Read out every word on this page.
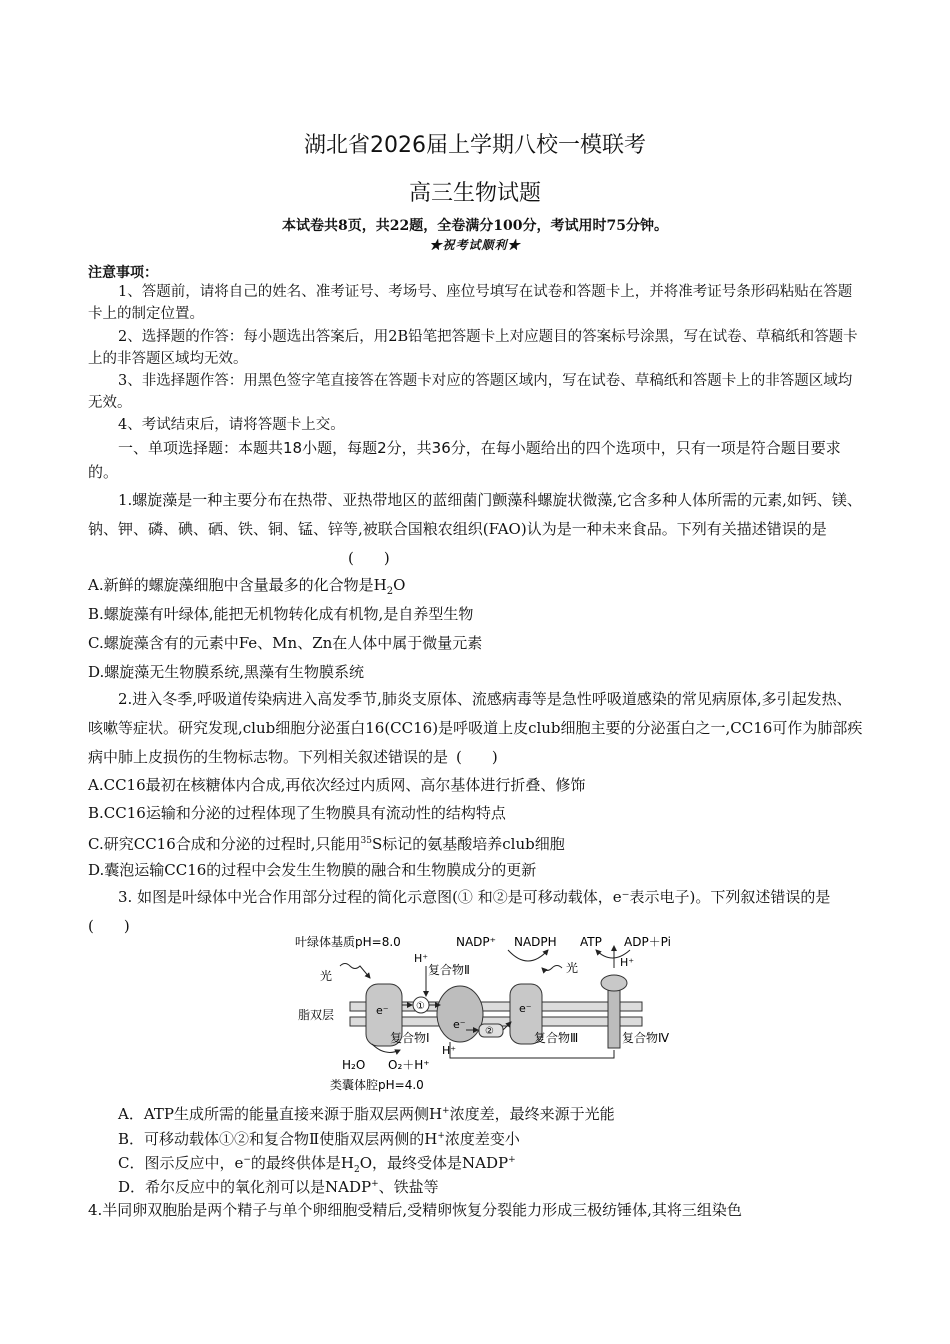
湖北省2026届上学期八校一模联考
高三生物试题
本试卷共8页，共22题，全卷满分100分，考试用时75分钟。
★祝考试顺利★
注意事项：
1、答题前，请将自己的姓名、准考证号、考场号、座位号填写在试卷和答题卡上，并将准考证号条形码粘贴在答题卡上的制定位置。
2、选择题的作答：每小题选出答案后，用2B铅笔把答题卡上对应题目的答案标号涂黑，写在试卷、草稿纸和答题卡上的非答题区域均无效。
3、非选择题作答：用黑色签字笔直接答在答题卡对应的答题区域内，写在试卷、草稿纸和答题卡上的非答题区域均无效。
4、考试结束后，请将答题卡上交。
一、单项选择题：本题共18小题，每题2分，共36分，在每小题给出的四个选项中，只有一项是符合题目要求的。
1.螺旋藻是一种主要分布在热带、亚热带地区的蓝细菌门颤藻科螺旋状微藻,它含多种人体所需的元素,如钙、镁、钠、钾、磷、碘、硒、铁、铜、锰、锌等,被联合国粮农组织(FAO)认为是一种未来食品。下列有关描述错误的是(　　)
A.新鲜的螺旋藻细胞中含量最多的化合物是$H_2O$
B.螺旋藻有叶绿体,能把无机物转化成有机物,是自养型生物
C.螺旋藻含有的元素中Fe、Mn、Zn在人体中属于微量元素
D.螺旋藻无生物膜系统,黑藻有生物膜系统
2.进入冬季,呼吸道传染病进入高发季节,肺炎支原体、流感病毒等是急性呼吸道感染的常见病原体,多引起发热、咳嗽等症状。研究发现,club细胞分泌蛋白16(CC16)是呼吸道上皮club细胞主要的分泌蛋白之一,CC16可作为肺部疾病中肺上皮损伤的生物标志物。下列相关叙述错误的是 (　　)
A.CC16最初在核糖体内合成,再依次经过内质网、高尔基体进行折叠、修饰
B.CC16运输和分泌的过程体现了生物膜具有流动性的结构特点
C.研究CC16合成和分泌的过程时,只能用$^{35}$S标记的氨基酸培养club细胞
D.囊泡运输CC16的过程中会发生生物膜的融合和生物膜成分的更新
3. 如图是叶绿体中光合作用部分过程的简化示意图(① 和②是可移动载体，e⁻表示电子)。下列叙述错误的是(　　)
叶绿体基质pH=8.0	NADP⁺ NADPH ATP ADP＋Pi
H⁺
复合物Ⅱ
光
光	H⁺
脂双层	e⁻
e⁻
e⁻
①
②
复合物Ⅰ	复合物Ⅲ	复合物Ⅳ
H⁺
H₂O O₂＋H⁺
类囊体腔pH=4.0
A．ATP生成所需的能量直接来源于脂双层两侧H+浓度差，最终来源于光能
B．可移动载体①②和复合物Ⅱ使脂双层两侧的H+浓度差变小
C．图示反应中，e−的最终供体是$H_2O$，最终受体是NADP+
D．希尔反应中的氧化剂可以是NADP+、铁盐等
4.半同卵双胞胎是两个精子与单个卵细胞受精后,受精卵恢复分裂能力形成三极纺锤体,其将三组染色
